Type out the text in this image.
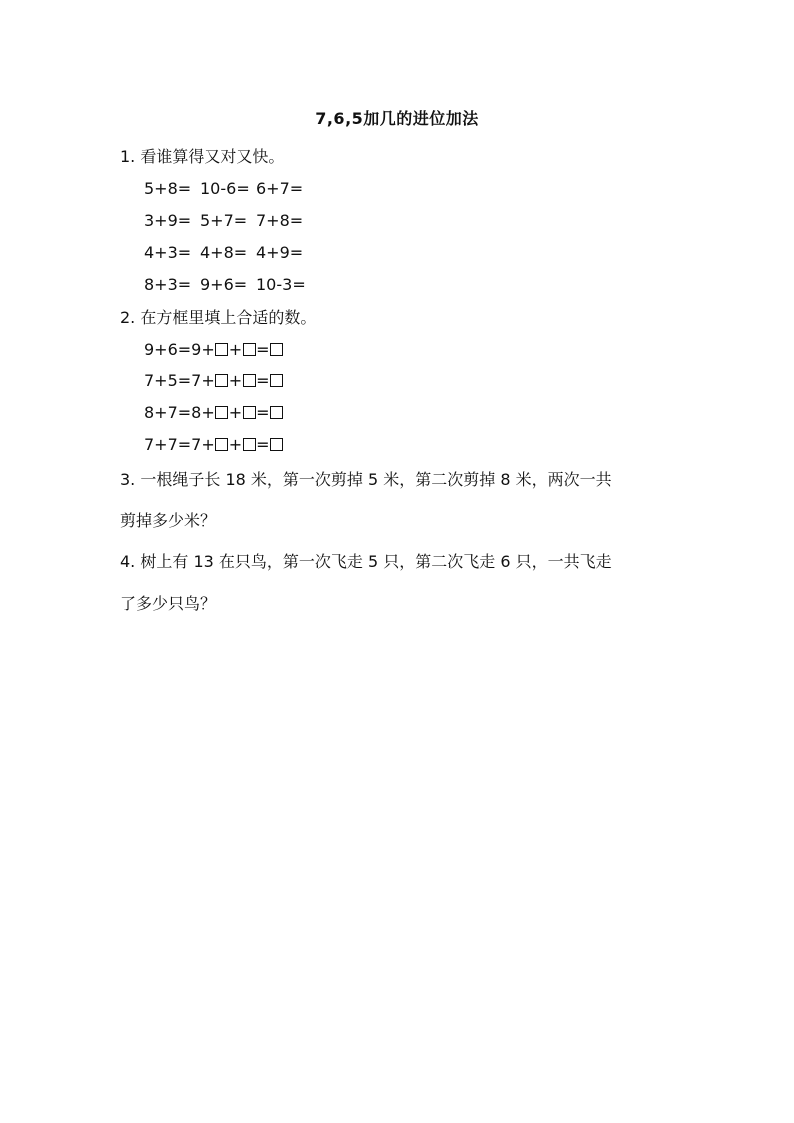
7,6,5加几的进位加法
1. 看谁算得又对又快。
5+8= 10-6= 6+7=
3+9= 5+7= 7+8=
4+3= 4+8= 4+9=
8+3= 9+6= 10-3=
2. 在方框里填上合适的数。
9+6=9+ + =
7+5=7+ + =
8+7=8+ + =
7+7=7+ + =
3. 一根绳子长 18 米，第一次剪掉 5 米，第二次剪掉 8 米，两次一共
剪掉多少米？
4. 树上有 13 在只鸟，第一次飞走 5 只，第二次飞走 6 只，一共飞走
了多少只鸟？
